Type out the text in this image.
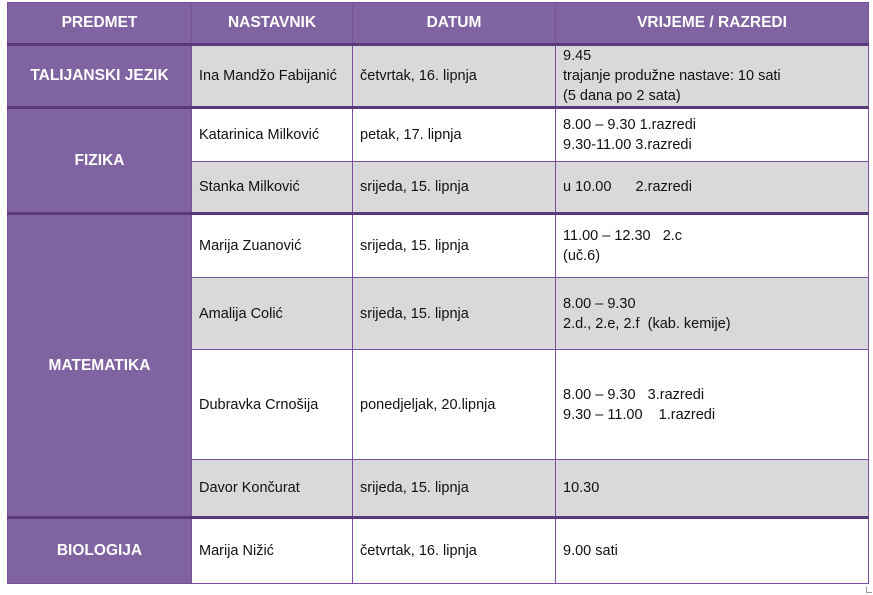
PREDMET	NASTAVNIK	DATUM	VRIJEME / RAZREDI
TALIJANSKI JEZIK	Ina Mandžo Fabijanić	četvrtak, 16. lipnja	9.45
trajanje produžne nastave: 10 sati
(5 dana po 2 sata)

FIZIKA	Katarinica Milković	petak, 17. lipnja	8.00 – 9.30 1.razredi
9.30-11.00 3.razredi

	Stanka Milković	srijeda, 15. lipnja	u 10.00      2.razredi

MATEMATIKA	Marija Zuanović	srijeda, 15. lipnja	11.00 – 12.30   2.c
(uč.6)

	Amalija Colić	srijeda, 15. lipnja	8.00 – 9.30
2.d., 2.e, 2.f  (kab. kemije)

	Dubravka Crnošija	ponedjeljak, 20.lipnja	8.00 – 9.30   3.razredi
9.30 – 11.00    1.razredi

	Davor Končurat	srijeda, 15. lipnja	10.30

BIOLOGIJA	Marija Nižić	četvrtak, 16. lipnja	9.00 sati
